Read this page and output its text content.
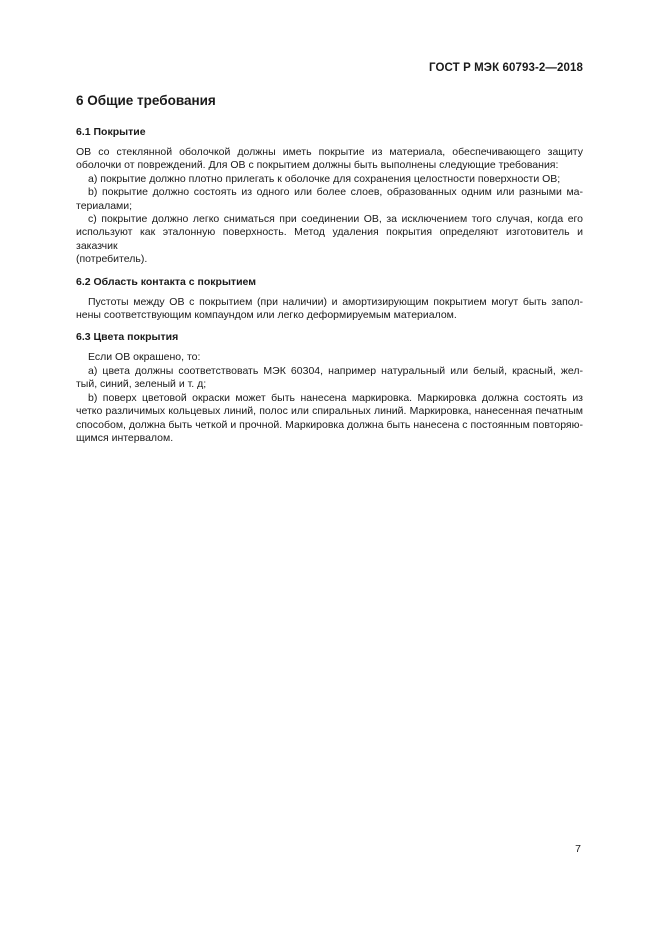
ГОСТ Р МЭК 60793-2—2018
6 Общие требования
6.1 Покрытие
ОВ со стеклянной оболочкой должны иметь покрытие из материала, обеспечивающего защиту
оболочки от повреждений. Для ОВ с покрытием должны быть выполнены следующие требования:
a) покрытие должно плотно прилегать к оболочке для сохранения целостности поверхности ОВ;
b) покрытие должно состоять из одного или более слоев, образованных одним или разными ма-
териалами;
c) покрытие должно легко сниматься при соединении ОВ, за исключением того случая, когда его
используют как эталонную поверхность. Метод удаления покрытия определяют изготовитель и заказчик
(потребитель).
6.2 Область контакта с покрытием
Пустоты между ОВ с покрытием (при наличии) и амортизирующим покрытием могут быть запол-
нены соответствующим компаундом или легко деформируемым материалом.
6.3 Цвета покрытия
Если ОВ окрашено, то:
a) цвета должны соответствовать МЭК 60304, например натуральный или белый, красный, жел-
тый, синий, зеленый и т. д;
b) поверх цветовой окраски может быть нанесена маркировка. Маркировка должна состоять из
четко различимых кольцевых линий, полос или спиральных линий. Маркировка, нанесенная печатным
способом, должна быть четкой и прочной. Маркировка должна быть нанесена с постоянным повторяю-
щимся интервалом.
7
